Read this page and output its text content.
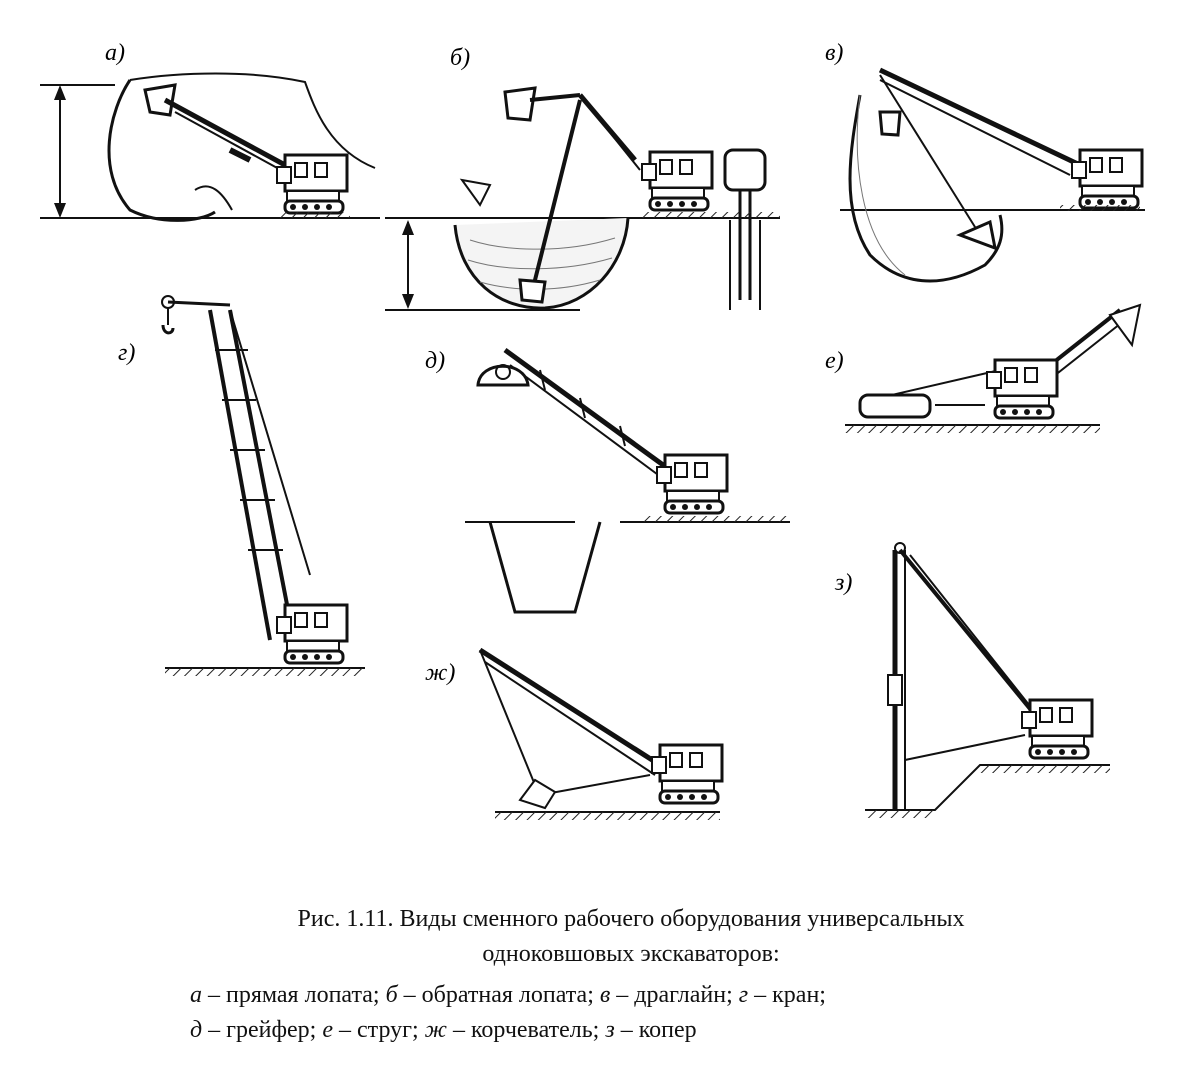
а)	б)	в)
г)	д)	е)
ж)
з)
Рис. 1.11. Виды сменного рабочего оборудования универсальных
одноковшовых экскаваторов:
а – прямая лопата; б – обратная лопата; в – драглайн; г – кран;
д – грейфер; е – струг; ж – корчеватель; з – копер
